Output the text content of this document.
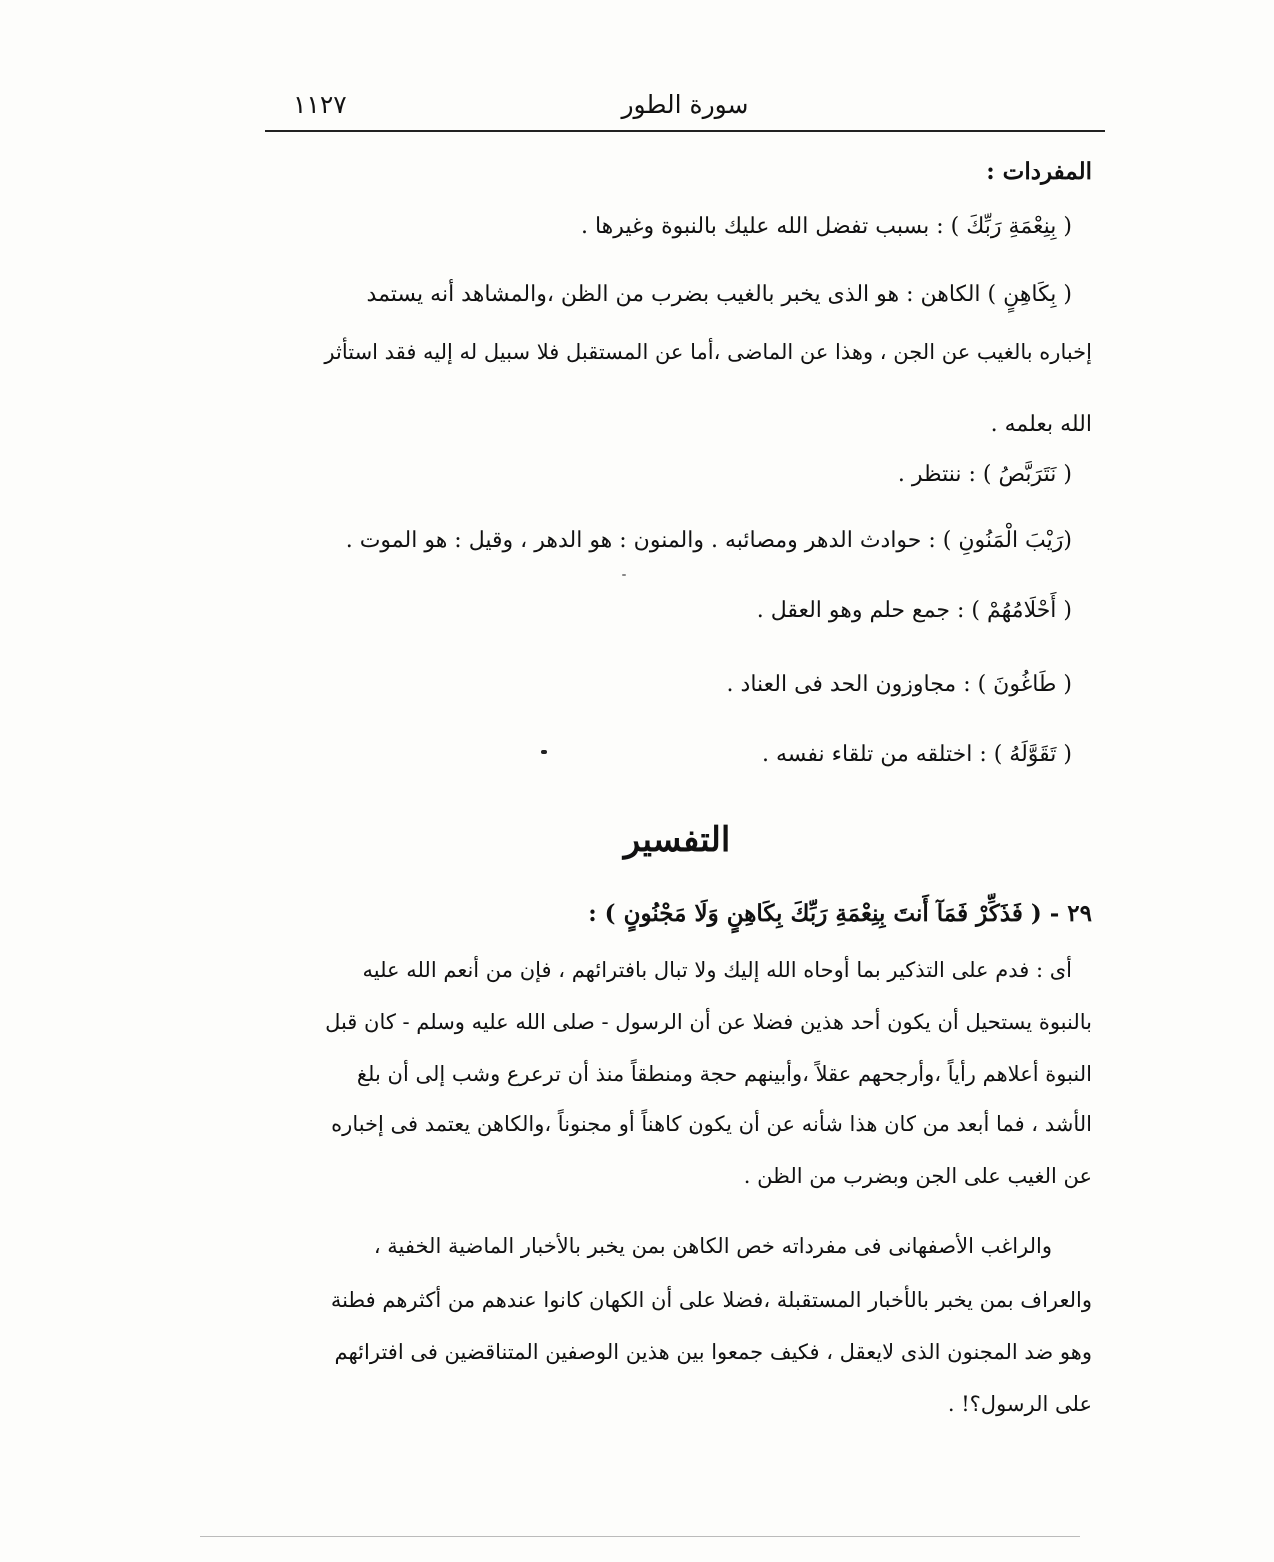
سورة الطور
١١٢٧
المفردات :
( بِنِعْمَةِ رَبِّكَ ) : بسبب تفضل الله عليك بالنبوة وغيرها .
( بِكَاهِنٍ ) الكاهن : هو الذى يخبر بالغيب بضرب من الظن ،والمشاهد أنه يستمد
إخباره بالغيب عن الجن ، وهذا عن الماضى ،أما عن المستقبل فلا سبيل له إليه فقد استأثر
الله بعلمه .
( نَتَرَبَّصُ ) : ننتظر .
(رَيْبَ الْمَنُونِ ) : حوادث الدهر ومصائبه . والمنون : هو الدهر ، وقيل : هو الموت .
( أَحْلَامُهُمْ ) : جمع حلم وهو العقل .
( طَاغُونَ ) : مجاوزون الحد فى العناد .
( تَقَوَّلَهُ ) : اختلقه من تلقاء نفسه .
التفسير
٢٩ - ( فَذَكِّرْ فَمَآ أَنتَ بِنِعْمَةِ رَبِّكَ بِكَاهِنٍ وَلَا مَجْنُونٍ ) :
أى : فدم على التذكير بما أوحاه الله إليك ولا تبال بافترائهم ، فإن من أنعم الله عليه
بالنبوة يستحيل أن يكون أحد هذين فضلا عن أن الرسول - صلى الله عليه وسلم - كان قبل
النبوة أعلاهم رأياً ،وأرجحهم عقلاً ،وأبينهم حجة ومنطقاً منذ أن ترعرع وشب إلى أن بلغ
الأشد ، فما أبعد من كان هذا شأنه عن أن يكون كاهناً أو مجنوناً ،والكاهن يعتمد فى إخباره
عن الغيب على الجن وبضرب من الظن .
والراغب الأصفهانى فى مفرداته خص الكاهن بمن يخبر بالأخبار الماضية الخفية ،
والعراف بمن يخبر بالأخبار المستقبلة ،فضلا على أن الكهان كانوا عندهم من أكثرهم فطنة
وهو ضد المجنون الذى لايعقل ، فكيف جمعوا بين هذين الوصفين المتناقضين فى افترائهم
على الرسول؟! .
